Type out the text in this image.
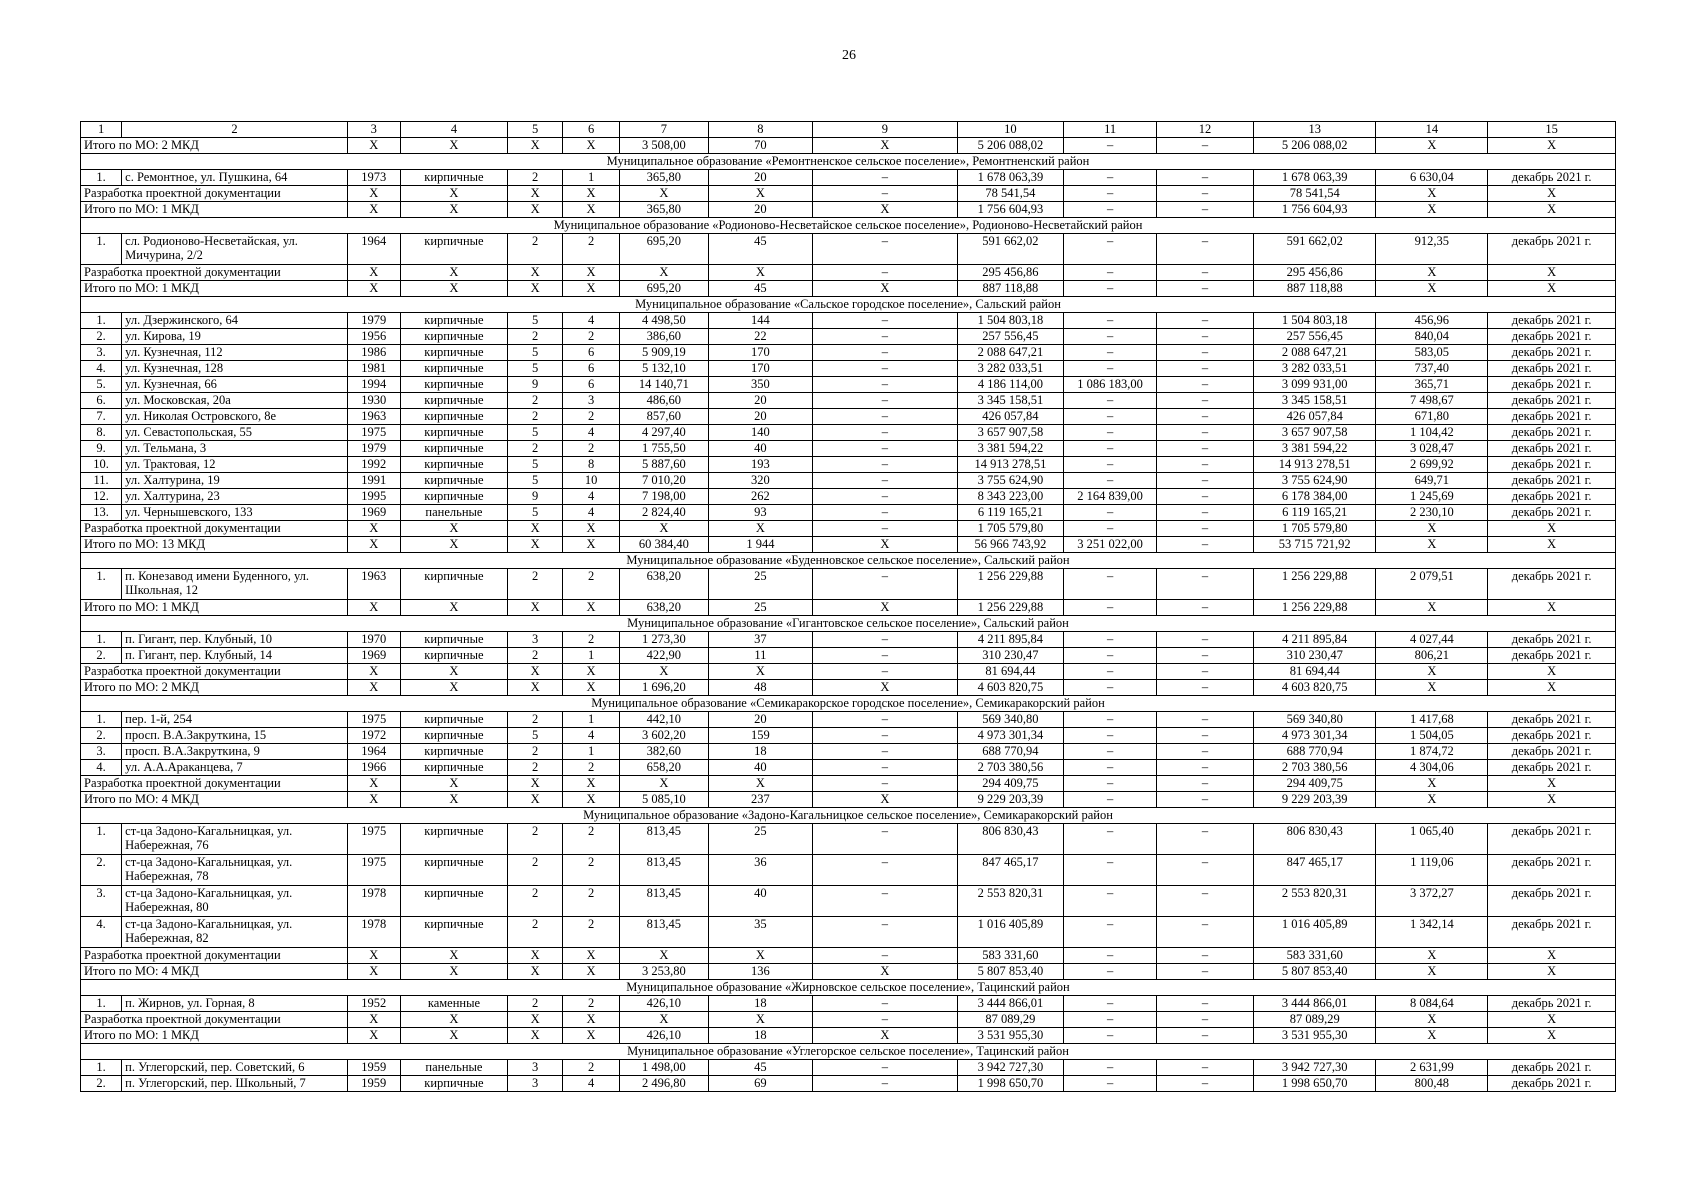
26
1	2	3	4	5	6	7	8	9	10	11	12	13	14	15
Итого по МО: 2 МКД		X	X	X	X	3 508,00	70	X	5 206 088,02	–	–	5 206 088,02	X	X
Муниципальное образование «Ремонтненское сельское поселение», Ремонтненский район														
1.	с. Ремонтное, ул. Пушкина, 64	1973	кирпичные	2	1	365,80	20	–	1 678 063,39	–	–	1 678 063,39	6 630,04	декабрь 2021 г.
Разработка проектной документации		X	X	X	X	X	X	–	78 541,54	–	–	78 541,54	X	X
Итого по МО: 1 МКД		X	X	X	X	365,80	20	X	1 756 604,93	–	–	1 756 604,93	X	X
Муниципальное образование «Родионово-Несветайское сельское поселение», Родионово-Несветайский район														
1.	сл. Родионово-Несветайская, ул. Мичурина, 2/2	1964	кирпичные	2	2	695,20	45	–	591 662,02	–	–	591 662,02	912,35	декабрь 2021 г.
Разработка проектной документации		X	X	X	X	X	X	–	295 456,86	–	–	295 456,86	X	X
Итого по МО: 1 МКД		X	X	X	X	695,20	45	X	887 118,88	–	–	887 118,88	X	X
Муниципальное образование «Сальское городское поселение», Сальский район														
1.	ул. Дзержинского, 64	1979	кирпичные	5	4	4 498,50	144	–	1 504 803,18	–	–	1 504 803,18	456,96	декабрь 2021 г.
2.	ул. Кирова, 19	1956	кирпичные	2	2	386,60	22	–	257 556,45	–	–	257 556,45	840,04	декабрь 2021 г.
3.	ул. Кузнечная, 112	1986	кирпичные	5	6	5 909,19	170	–	2 088 647,21	–	–	2 088 647,21	583,05	декабрь 2021 г.
4.	ул. Кузнечная, 128	1981	кирпичные	5	6	5 132,10	170	–	3 282 033,51	–	–	3 282 033,51	737,40	декабрь 2021 г.
5.	ул. Кузнечная, 66	1994	кирпичные	9	6	14 140,71	350	–	4 186 114,00	1 086 183,00	–	3 099 931,00	365,71	декабрь 2021 г.
6.	ул. Московская, 20а	1930	кирпичные	2	3	486,60	20	–	3 345 158,51	–	–	3 345 158,51	7 498,67	декабрь 2021 г.
7.	ул. Николая Островского, 8е	1963	кирпичные	2	2	857,60	20	–	426 057,84	–	–	426 057,84	671,80	декабрь 2021 г.
8.	ул. Севастопольская, 55	1975	кирпичные	5	4	4 297,40	140	–	3 657 907,58	–	–	3 657 907,58	1 104,42	декабрь 2021 г.
9.	ул. Тельмана, 3	1979	кирпичные	2	2	1 755,50	40	–	3 381 594,22	–	–	3 381 594,22	3 028,47	декабрь 2021 г.
10.	ул. Трактовая, 12	1992	кирпичные	5	8	5 887,60	193	–	14 913 278,51	–	–	14 913 278,51	2 699,92	декабрь 2021 г.
11.	ул. Халтурина, 19	1991	кирпичные	5	10	7 010,20	320	–	3 755 624,90	–	–	3 755 624,90	649,71	декабрь 2021 г.
12.	ул. Халтурина, 23	1995	кирпичные	9	4	7 198,00	262	–	8 343 223,00	2 164 839,00	–	6 178 384,00	1 245,69	декабрь 2021 г.
13.	ул. Чернышевского, 133	1969	панельные	5	4	2 824,40	93	–	6 119 165,21	–	–	6 119 165,21	2 230,10	декабрь 2021 г.
Разработка проектной документации		X	X	X	X	X	X	–	1 705 579,80	–	–	1 705 579,80	X	X
Итого по МО: 13 МКД		X	X	X	X	60 384,40	1 944	X	56 966 743,92	3 251 022,00	–	53 715 721,92	X	X
Муниципальное образование «Буденновское сельское поселение», Сальский район														
1.	п. Конезавод имени Буденного, ул. Школьная, 12	1963	кирпичные	2	2	638,20	25	–	1 256 229,88	–	–	1 256 229,88	2 079,51	декабрь 2021 г.
Итого по МО: 1 МКД		X	X	X	X	638,20	25	X	1 256 229,88	–	–	1 256 229,88	X	X
Муниципальное образование «Гигантовское сельское поселение», Сальский район														
1.	п. Гигант, пер. Клубный, 10	1970	кирпичные	3	2	1 273,30	37	–	4 211 895,84	–	–	4 211 895,84	4 027,44	декабрь 2021 г.
2.	п. Гигант, пер. Клубный, 14	1969	кирпичные	2	1	422,90	11	–	310 230,47	–	–	310 230,47	806,21	декабрь 2021 г.
Разработка проектной документации		X	X	X	X	X	X	–	81 694,44	–	–	81 694,44	X	X
Итого по МО: 2 МКД		X	X	X	X	1 696,20	48	X	4 603 820,75	–	–	4 603 820,75	X	X
Муниципальное образование «Семикаракорское городское поселение», Семикаракорский район														
1.	пер. 1-й, 254	1975	кирпичные	2	1	442,10	20	–	569 340,80	–	–	569 340,80	1 417,68	декабрь 2021 г.
2.	просп. В.А.Закруткина, 15	1972	кирпичные	5	4	3 602,20	159	–	4 973 301,34	–	–	4 973 301,34	1 504,05	декабрь 2021 г.
3.	просп. В.А.Закруткина, 9	1964	кирпичные	2	1	382,60	18	–	688 770,94	–	–	688 770,94	1 874,72	декабрь 2021 г.
4.	ул. А.А.Араканцева, 7	1966	кирпичные	2	2	658,20	40	–	2 703 380,56	–	–	2 703 380,56	4 304,06	декабрь 2021 г.
Разработка проектной документации		X	X	X	X	X	X	–	294 409,75	–	–	294 409,75	X	X
Итого по МО: 4 МКД		X	X	X	X	5 085,10	237	X	9 229 203,39	–	–	9 229 203,39	X	X
Муниципальное образование «Задоно-Кагальницкое сельское поселение», Семикаракорский район														
1.	ст-ца Задоно-Кагальницкая, ул. Набережная, 76	1975	кирпичные	2	2	813,45	25	–	806 830,43	–	–	806 830,43	1 065,40	декабрь 2021 г.
2.	ст-ца Задоно-Кагальницкая, ул. Набережная, 78	1975	кирпичные	2	2	813,45	36	–	847 465,17	–	–	847 465,17	1 119,06	декабрь 2021 г.
3.	ст-ца Задоно-Кагальницкая, ул. Набережная, 80	1978	кирпичные	2	2	813,45	40	–	2 553 820,31	–	–	2 553 820,31	3 372,27	декабрь 2021 г.
4.	ст-ца Задоно-Кагальницкая, ул. Набережная, 82	1978	кирпичные	2	2	813,45	35	–	1 016 405,89	–	–	1 016 405,89	1 342,14	декабрь 2021 г.
Разработка проектной документации		X	X	X	X	X	X	–	583 331,60	–	–	583 331,60	X	X
Итого по МО: 4 МКД		X	X	X	X	3 253,80	136	X	5 807 853,40	–	–	5 807 853,40	X	X
Муниципальное образование «Жирновское сельское поселение», Тацинский район														
1.	п. Жирнов, ул. Горная, 8	1952	каменные	2	2	426,10	18	–	3 444 866,01	–	–	3 444 866,01	8 084,64	декабрь 2021 г.
Разработка проектной документации		X	X	X	X	X	X	–	87 089,29	–	–	87 089,29	X	X
Итого по МО: 1 МКД		X	X	X	X	426,10	18	X	3 531 955,30	–	–	3 531 955,30	X	X
Муниципальное образование «Углегорское сельское поселение», Тацинский район														
1.	п. Углегорский, пер. Советский, 6	1959	панельные	3	2	1 498,00	45	–	3 942 727,30	–	–	3 942 727,30	2 631,99	декабрь 2021 г.
2.	п. Углегорский, пер. Школьный, 7	1959	кирпичные	3	4	2 496,80	69	–	1 998 650,70	–	–	1 998 650,70	800,48	декабрь 2021 г.
